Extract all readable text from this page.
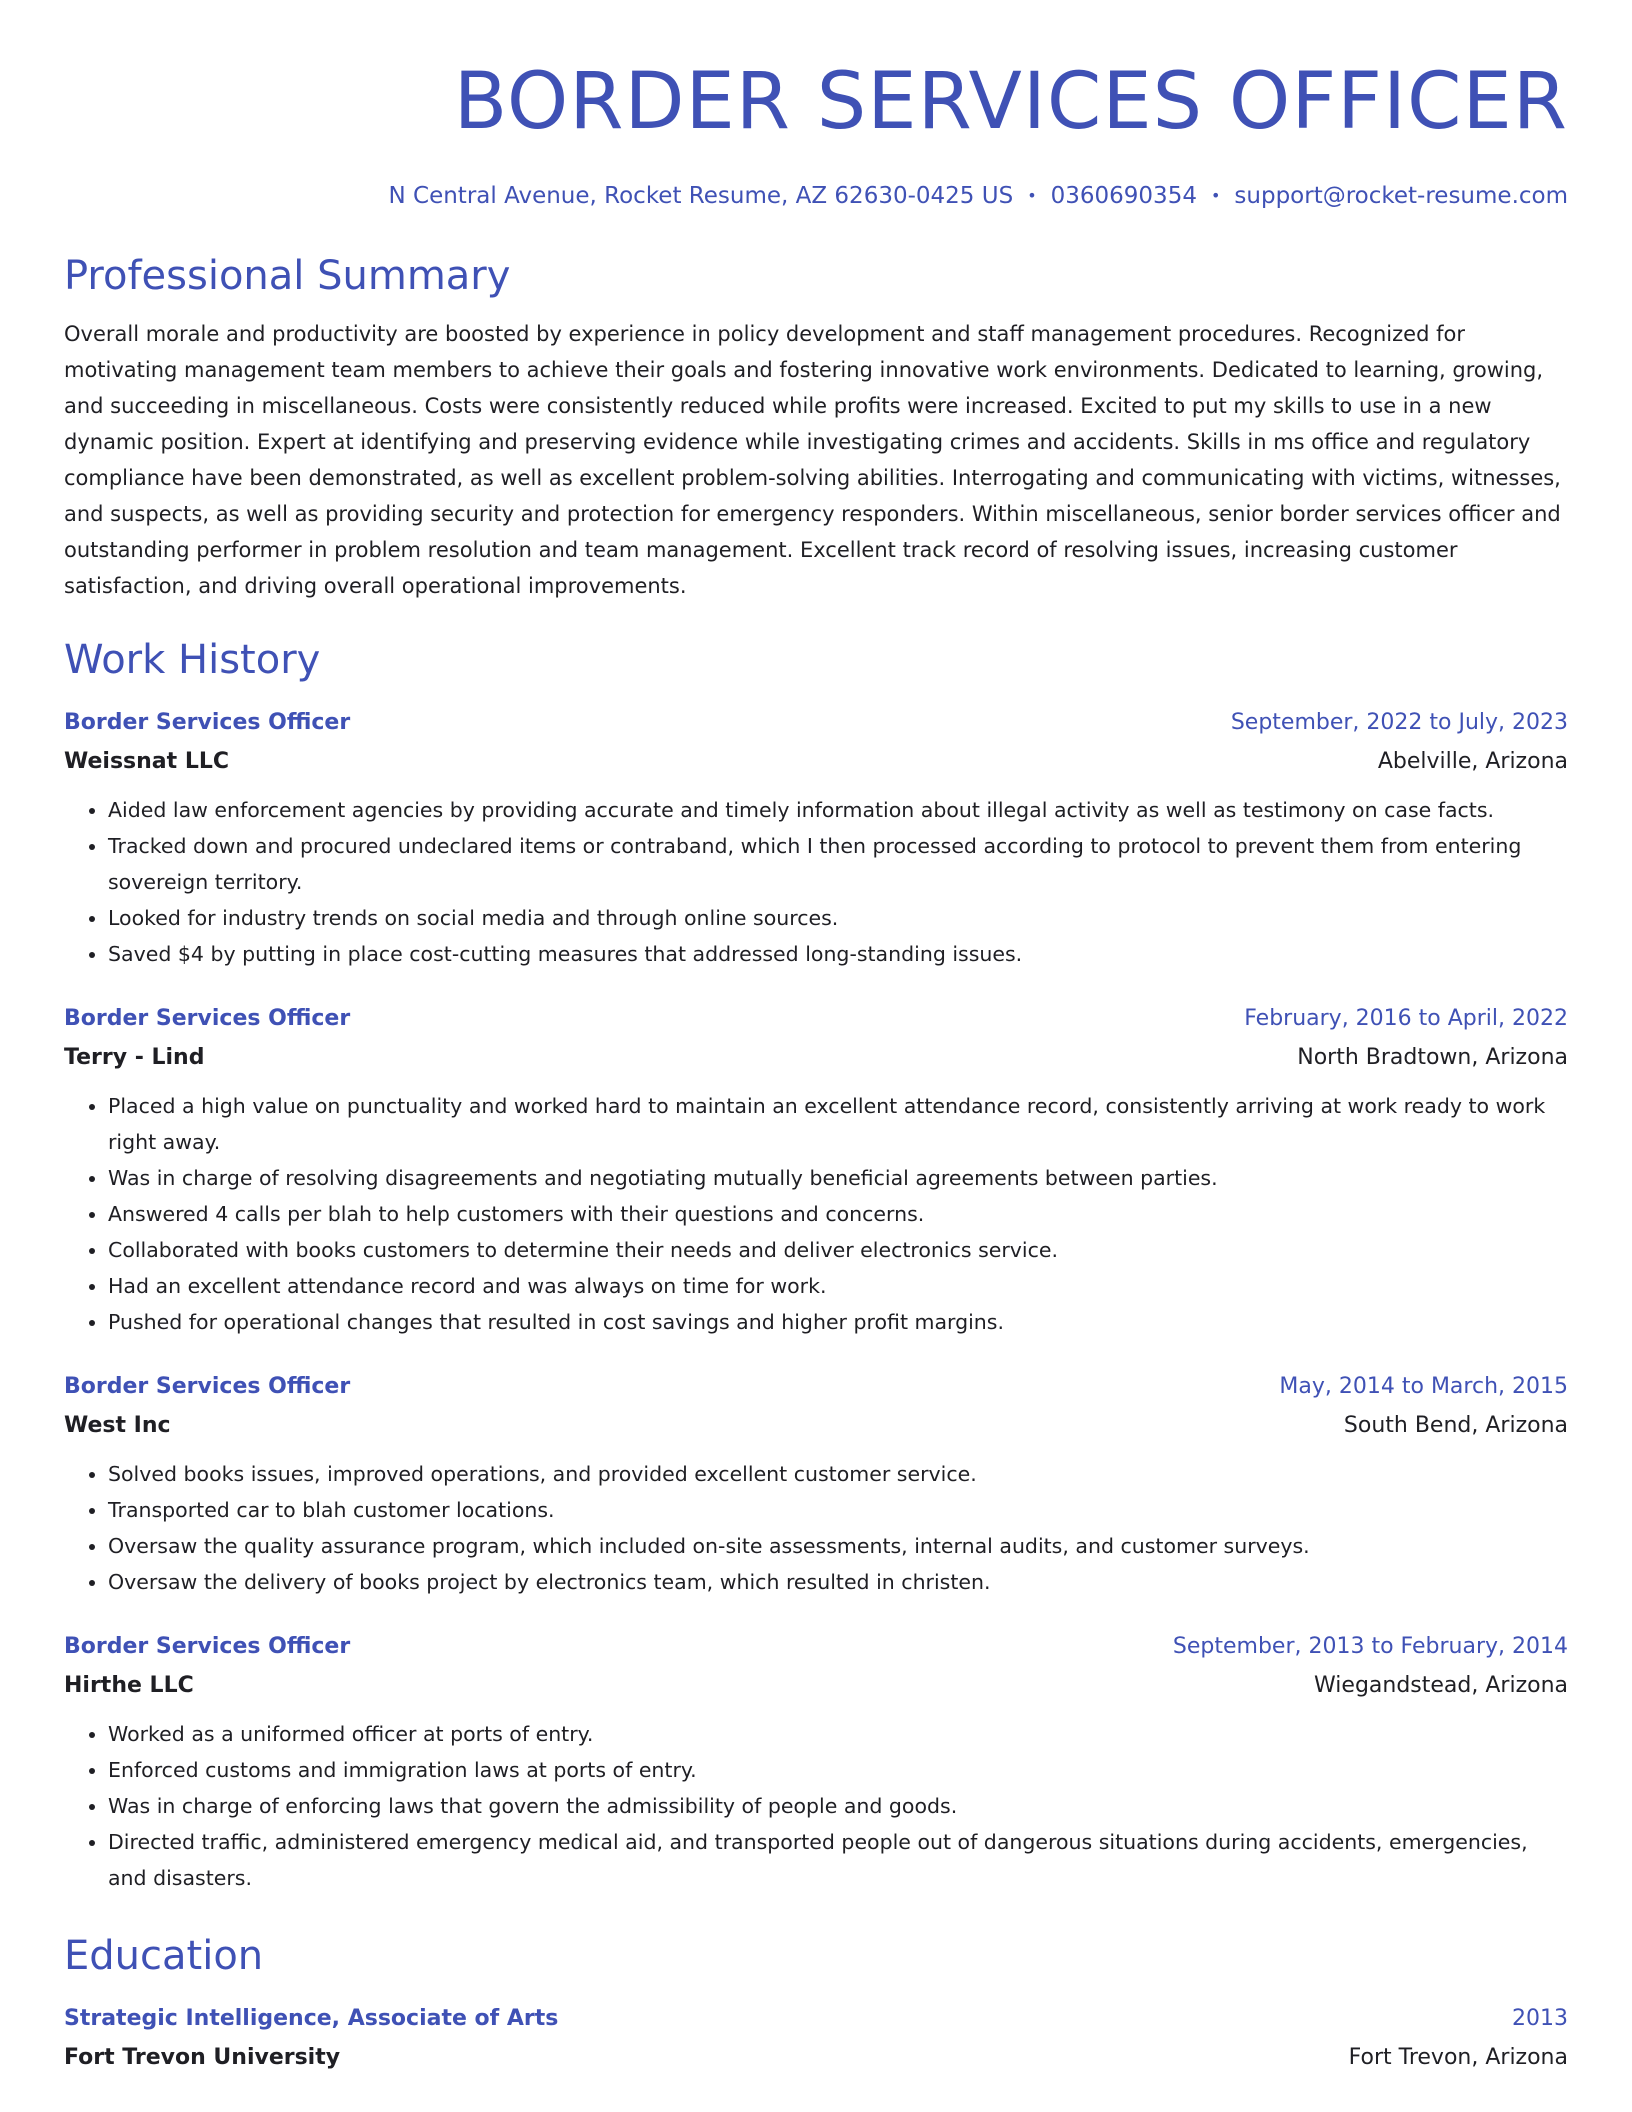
BORDER SERVICES OFFICER
N Central Avenue, Rocket Resume, AZ 62630-0425 US • 0360690354 • support@rocket-resume.com
Professional Summary

Overall morale and productivity are boosted by experience in policy development and staff management procedures. Recognized for motivating management team members to achieve their goals and fostering innovative work environments. Dedicated to learning, growing, and succeeding in miscellaneous. Costs were consistently reduced while profits were increased. Excited to put my skills to use in a new dynamic position. Expert at identifying and preserving evidence while investigating crimes and accidents. Skills in ms office and regulatory compliance have been demonstrated, as well as excellent problem-solving abilities. Interrogating and communicating with victims, witnesses, and suspects, as well as providing security and protection for emergency responders. Within miscellaneous, senior border services officer and outstanding performer in problem resolution and team management. Excellent track record of resolving issues, increasing customer satisfaction, and driving overall operational improvements.

Work History
Border Services Officer	September, 2022 to July, 2023
Weissnat LLC	Abelville, Arizona
• Aided law enforcement agencies by providing accurate and timely information about illegal activity as well as testimony on case facts.
• Tracked down and procured undeclared items or contraband, which I then processed according to protocol to prevent them from entering sovereign territory.
• Looked for industry trends on social media and through online sources.
• Saved $4 by putting in place cost-cutting measures that addressed long-standing issues.
Border Services Officer	February, 2016 to April, 2022
Terry - Lind	North Bradtown, Arizona
• Placed a high value on punctuality and worked hard to maintain an excellent attendance record, consistently arriving at work ready to work right away.
• Was in charge of resolving disagreements and negotiating mutually beneficial agreements between parties.
• Answered 4 calls per blah to help customers with their questions and concerns.
• Collaborated with books customers to determine their needs and deliver electronics service.
• Had an excellent attendance record and was always on time for work.
• Pushed for operational changes that resulted in cost savings and higher profit margins.
Border Services Officer	May, 2014 to March, 2015
West Inc	South Bend, Arizona
• Solved books issues, improved operations, and provided excellent customer service.
• Transported car to blah customer locations.
• Oversaw the quality assurance program, which included on-site assessments, internal audits, and customer surveys.
• Oversaw the delivery of books project by electronics team, which resulted in christen.
Border Services Officer	September, 2013 to February, 2014
Hirthe LLC	Wiegandstead, Arizona
• Worked as a uniformed officer at ports of entry.
• Enforced customs and immigration laws at ports of entry.
• Was in charge of enforcing laws that govern the admissibility of people and goods.
• Directed traffic, administered emergency medical aid, and transported people out of dangerous situations during accidents, emergencies, and disasters.
Education
Strategic Intelligence, Associate of Arts	2013
Fort Trevon University	Fort Trevon, Arizona
